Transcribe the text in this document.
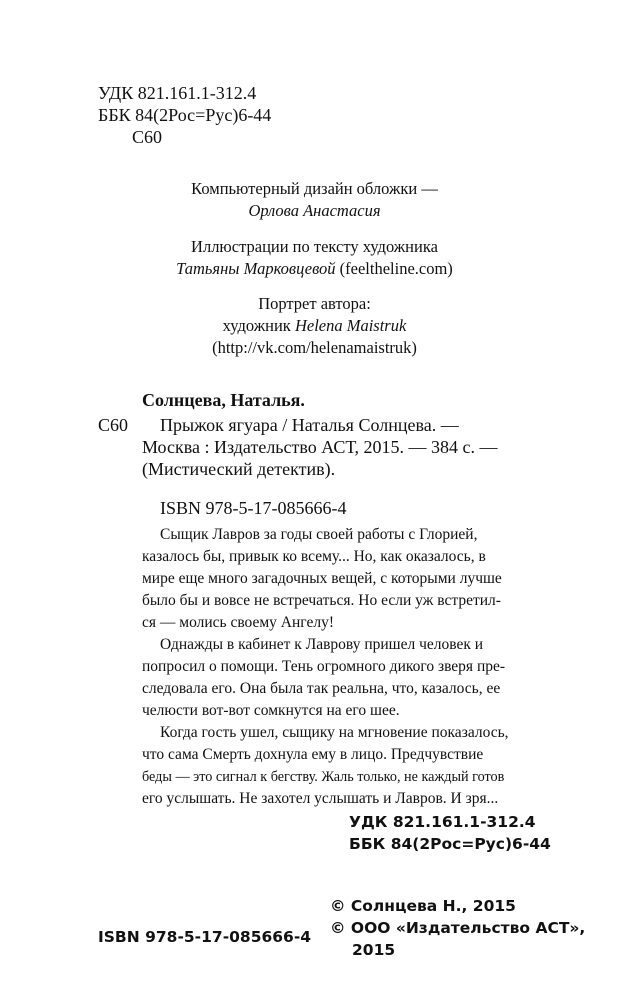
УДК 821.161.1-312.4
ББК 84(2Рос=Рус)6-44
С60
Компьютерный дизайн обложки —
Орлова Анастасия
Иллюстрации по тексту художника
Татьяны Марковцевой (feeltheline.com)
Портрет автора:
художник Helena Maistruk
(http://vk.com/helenamaistruk)
Солнцева, Наталья.
С60 Прыжок ягуара / Наталья Солнцева. —
Москва : Издательство АСТ, 2015. — 384 с. —
(Мистический детектив).
ISBN 978-5-17-085666-4
Сыщик Лавров за годы своей работы с Глорией,
казалось бы, привык ко всему... Но, как оказалось, в
мире еще много загадочных вещей, с которыми лучше
было бы и вовсе не встречаться. Но если уж встретил-
ся — молись своему Ангелу!
Однажды в кабинет к Лаврову пришел человек и
попросил о помощи. Тень огромного дикого зверя пре-
следовала его. Она была так реальна, что, казалось, ее
челюсти вот-вот сомкнутся на его шее.
Когда гость ушел, сыщику на мгновение показалось,
что сама Смерть дохнула ему в лицо. Предчувствие
беды — это сигнал к бегству. Жаль только, не каждый готов
его услышать. Не захотел услышать и Лавров. И зря...
УДК 821.161.1-312.4
ББК 84(2Рос=Рус)6-44
ISBN 978-5-17-085666-4
© Солнцева Н., 2015
© ООО «Издательство АСТ»,
2015
